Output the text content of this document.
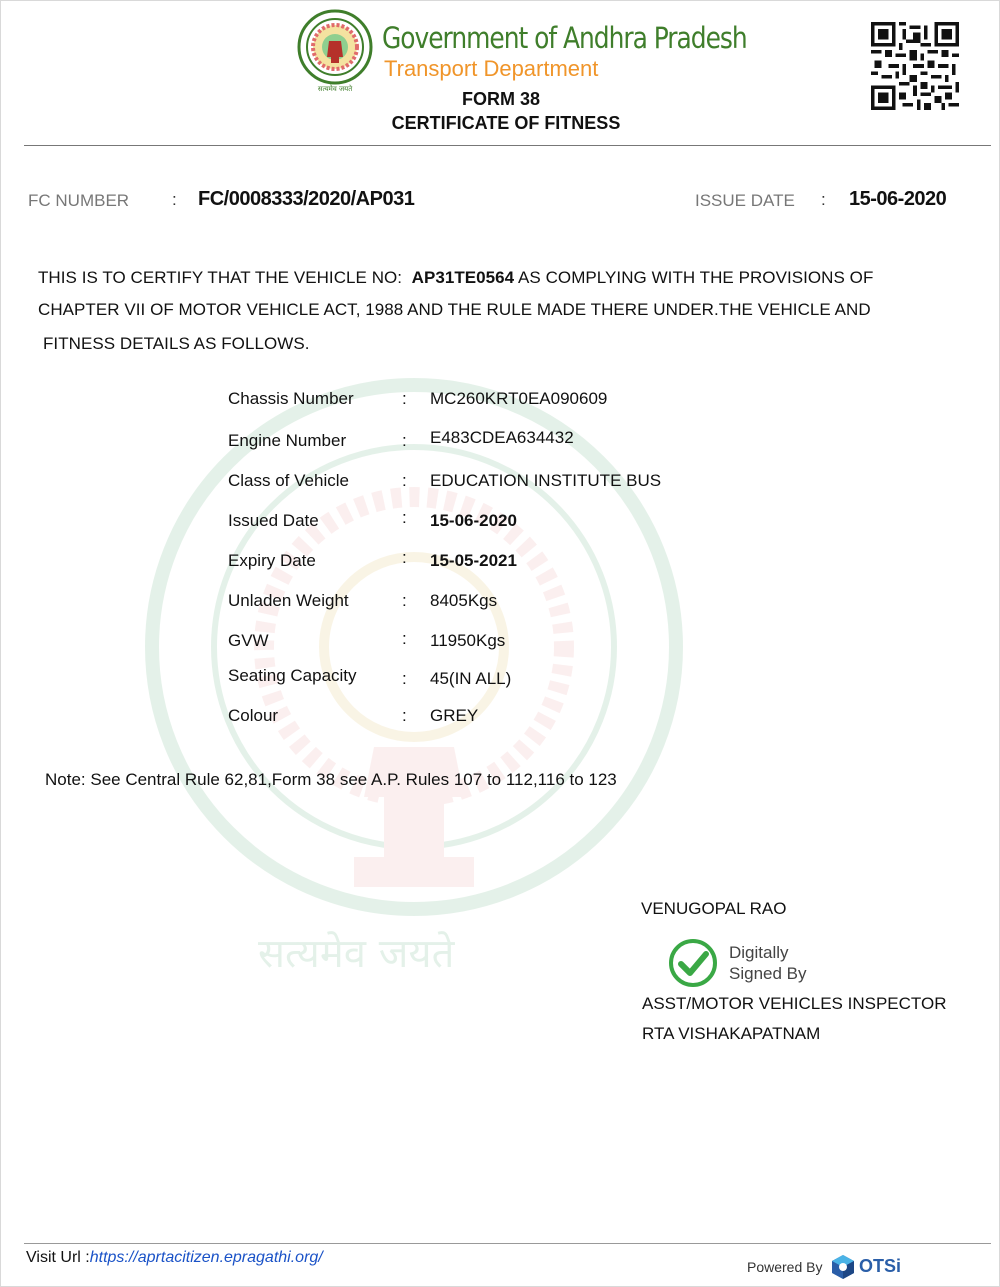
सत्यमेव जयते
सत्यमेव जयते
Government of Andhra Pradesh
Transport Department
FORM 38
CERTIFICATE OF FITNESS
FC NUMBER	: FC/0008333/2020/AP031	ISSUE DATE : 15-06-2020
THIS IS TO CERTIFY THAT THE VEHICLE NO: AP31TE0564 AS COMPLYING WITH THE PROVISIONS OF
CHAPTER VII OF MOTOR VEHICLE ACT, 1988 AND THE RULE MADE THERE UNDER.THE VEHICLE AND
FITNESS DETAILS AS FOLLOWS.
Chassis Number	: MC260KRT0EA090609
Engine Number	: E483CDEA634432
Class of Vehicle	: EDUCATION INSTITUTE BUS
Issued Date	: 15-06-2020
Expiry Date	: 15-05-2021
Unladen Weight	: 8405Kgs
GVW	: 11950Kgs
Seating Capacity	: 45(IN ALL)
Colour	: GREY
Note: See Central Rule 62,81,Form 38 see A.P. Rules 107 to 112,116 to 123
VENUGOPAL RAO
Digitally
Signed By
ASST/MOTOR VEHICLES INSPECTOR
RTA VISHAKAPATNAM
Visit Url :https://aprtacitizen.epragathi.org/
Powered By OTSi
